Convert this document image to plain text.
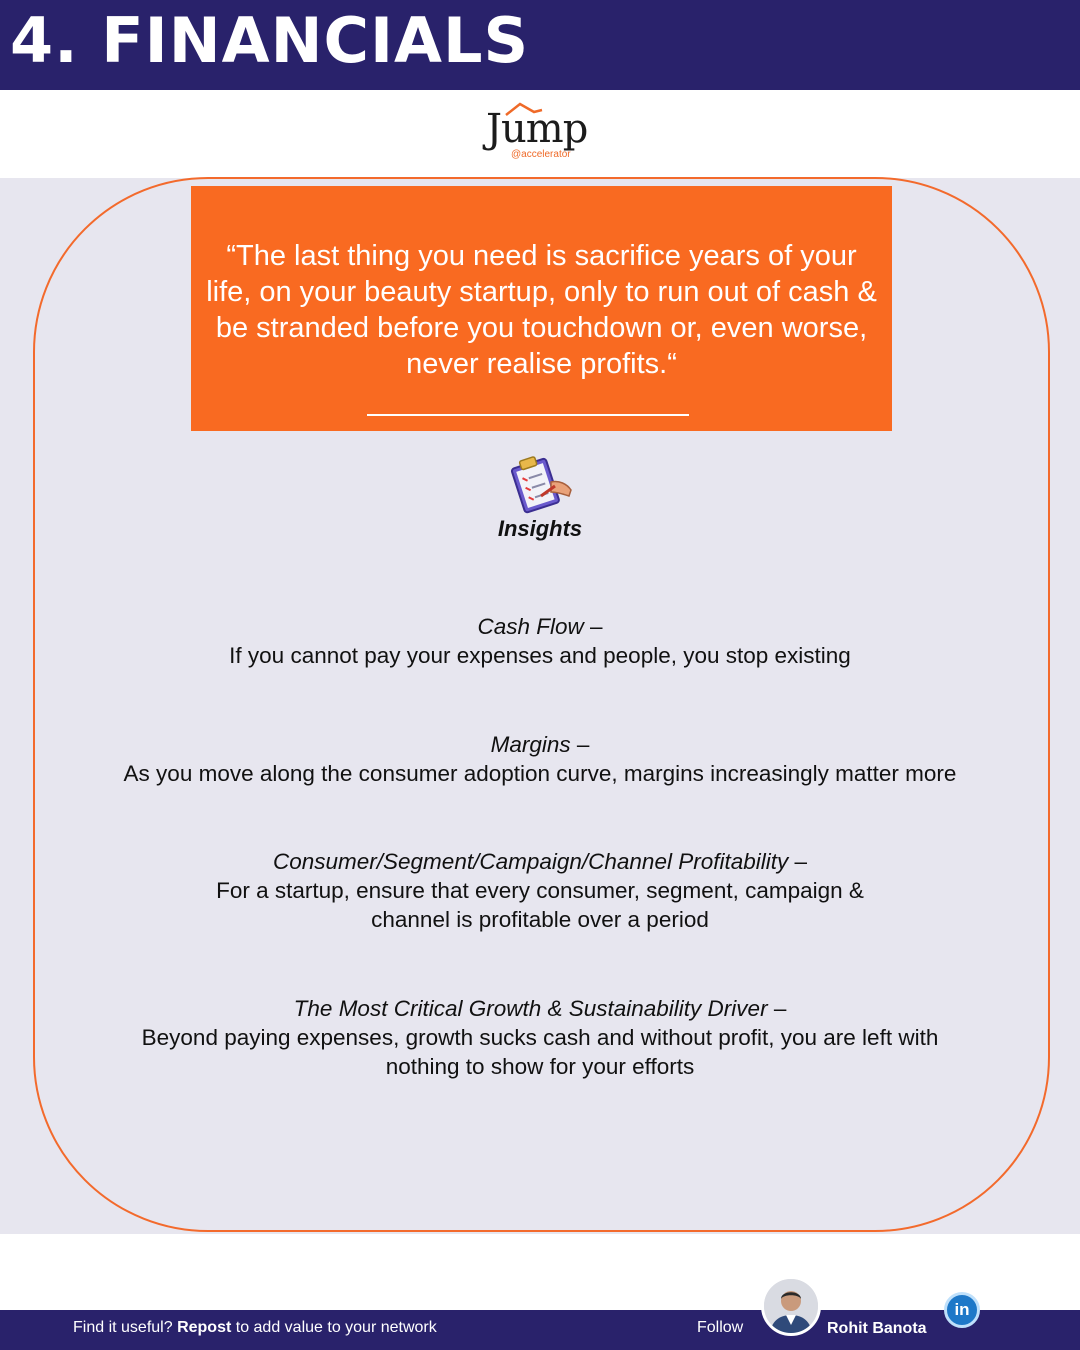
4. FINANCIALS
Jump
@accelerator
“The last thing you need is sacrifice years of your life, on your beauty startup, only to run out of cash & be stranded before you touchdown or, even worse, never realise profits.“
Insights
Cash Flow –
If you cannot pay your expenses and people, you stop existing
Margins –
As you move along the consumer adoption curve, margins increasingly matter more
Consumer/Segment/Campaign/Channel Profitability –
For a startup, ensure that every consumer, segment, campaign &
channel is profitable over a period
The Most Critical Growth & Sustainability Driver –
Beyond paying expenses, growth sucks cash and without profit, you are left with
nothing to show for your efforts
Find it useful? Repost to add value to your network	Follow	Rohit Banota
in
